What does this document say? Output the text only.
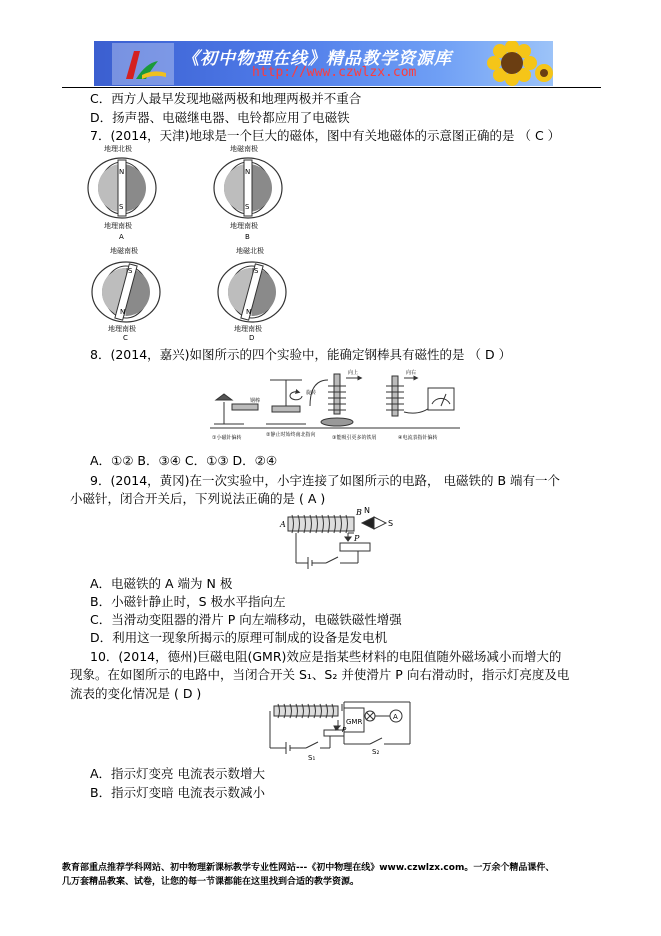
《初中物理在线》精品教学资源库
http://www.czwlzx.com
C．西方人最早发现地磁两极和地理两极并不重合
D．扬声器、电磁继电器、电铃都应用了电磁铁
7．(2014，天津)地球是一个巨大的磁体，图中有关地磁体的示意图正确的是 （ C ）
地理北极
N
S
地理南极
A
地磁南极
N
S
地理南极
B
地磁南极
S
N
地理南极
C
地磁北极
S
N
地理南极
D
8．(2014，嘉兴)如图所示的四个实验中，能确定钢棒具有磁性的是 （ D ）
钢棒
旋转
向上	向右
①小磁针偏转	②静止时始终南北指向	③能吸引更多的铁屑	④电流表指针偏转
A．①② B．③④ C．①③ D．②④
9．(2014，黄冈)在一次实验中，小宇连接了如图所示的电路， 电磁铁的 B 端有一个
小磁针，闭合开关后，下列说法正确的是 ( A )
A
B
P
N
S
A．电磁铁的 A 端为 N 极
B．小磁针静止时，S 极水平指向左
C．当滑动变阻器的滑片 P 向左端移动，电磁铁磁性增强
D．利用这一现象所揭示的原理可制成的设备是发电机
10．(2014，德州)巨磁电阻(GMR)效应是指某些材料的电阻值随外磁场减小而增大的
现象。在如图所示的电路中，当闭合开关 S₁、S₂ 并使滑片 P 向右滑动时，指示灯亮度及电
流表的变化情况是 ( D )
GMR
A
S₂
S₁
P
A．指示灯变亮 电流表示数增大
B．指示灯变暗 电流表示数减小
教育部重点推荐学科网站、初中物理新课标教学专业性网站---《初中物理在线》www.czwlzx.com。一万余个精品课件、
几万套精品教案、试卷，让您的每一节课都能在这里找到合适的教学资源。
